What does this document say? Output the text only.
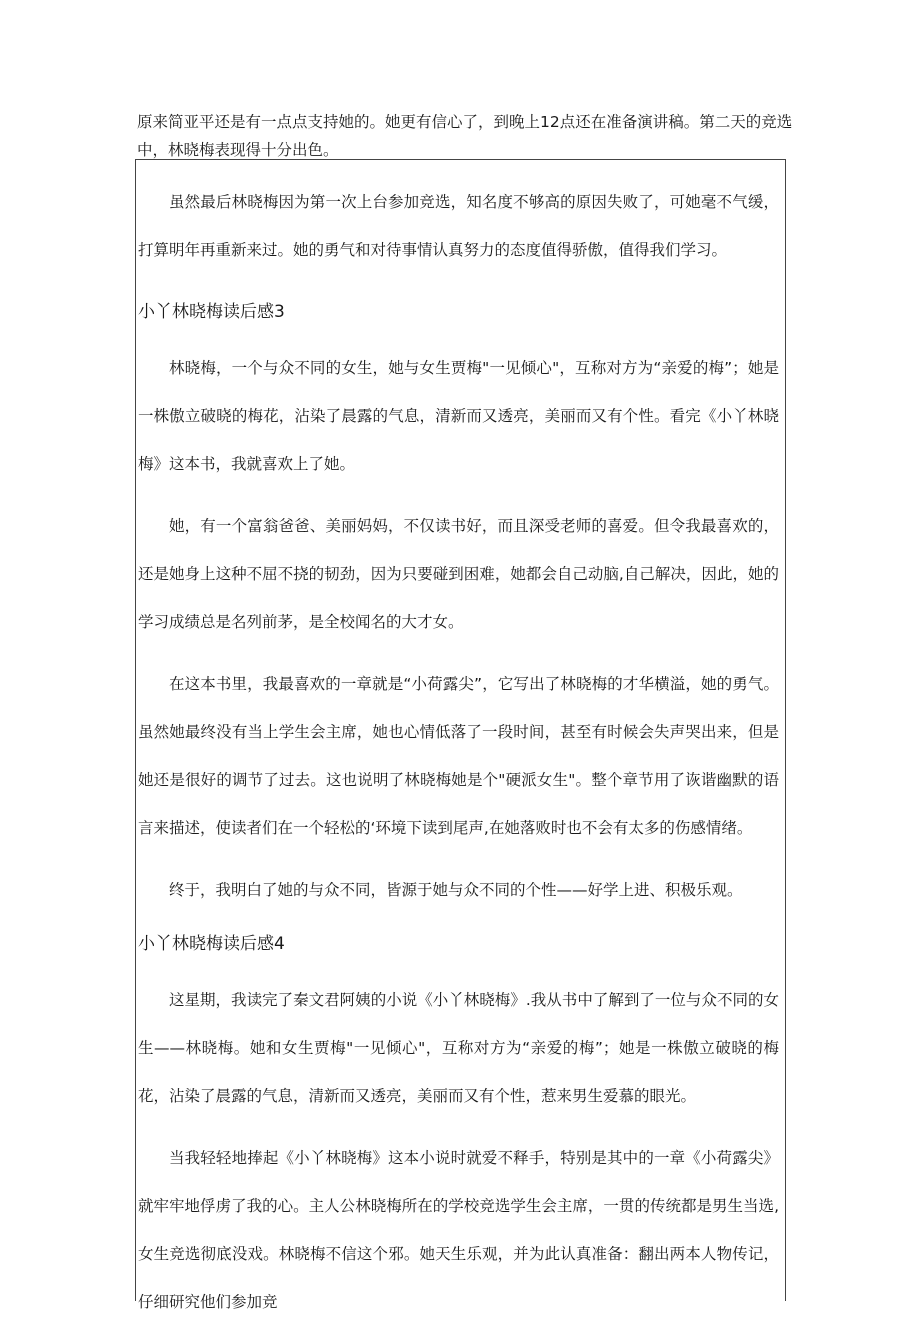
原来简亚平还是有一点点支持她的。她更有信心了，到晚上12点还在准备演讲稿。第二天的竞选中，林晓梅表现得十分出色。

虽然最后林晓梅因为第一次上台参加竞选，知名度不够高的原因失败了，可她毫不气缓，打算明年再重新来过。她的勇气和对待事情认真努力的态度值得骄傲，值得我们学习。

小丫林晓梅读后感3

林晓梅，一个与众不同的女生，她与女生贾梅"一见倾心"，互称对方为“亲爱的梅”；她是一株傲立破晓的梅花，沾染了晨露的气息，清新而又透亮，美丽而又有个性。看完《小丫林晓梅》这本书，我就喜欢上了她。

她，有一个富翁爸爸、美丽妈妈，不仅读书好，而且深受老师的喜爱。但令我最喜欢的，还是她身上这种不屈不挠的韧劲，因为只要碰到困难，她都会自己动脑,自己解决，因此，她的学习成绩总是名列前茅，是全校闻名的大才女。

在这本书里，我最喜欢的一章就是“小荷露尖”，它写出了林晓梅的才华横溢，她的勇气。虽然她最终没有当上学生会主席，她也心情低落了一段时间，甚至有时候会失声哭出来，但是她还是很好的调节了过去。这也说明了林晓梅她是个"硬派女生"。整个章节用了诙谐幽默的语言来描述，使读者们在一个轻松的‘环境下读到尾声,在她落败时也不会有太多的伤感情绪。

终于，我明白了她的与众不同，皆源于她与众不同的个性——好学上进、积极乐观。

小丫林晓梅读后感4

这星期，我读完了秦文君阿姨的小说《小丫林晓梅》.我从书中了解到了一位与众不同的女生——林晓梅。她和女生贾梅"一见倾心"，互称对方为“亲爱的梅”；她是一株傲立破晓的梅花，沾染了晨露的气息，清新而又透亮，美丽而又有个性，惹来男生爱慕的眼光。

当我轻轻地捧起《小丫林晓梅》这本小说时就爱不释手，特别是其中的一章《小荷露尖》就牢牢地俘虏了我的心。主人公林晓梅所在的学校竞选学生会主席，一贯的传统都是男生当选,女生竞选彻底没戏。林晓梅不信这个邪。她天生乐观，并为此认真准备：翻出两本人物传记，仔细研究他们参加竞
